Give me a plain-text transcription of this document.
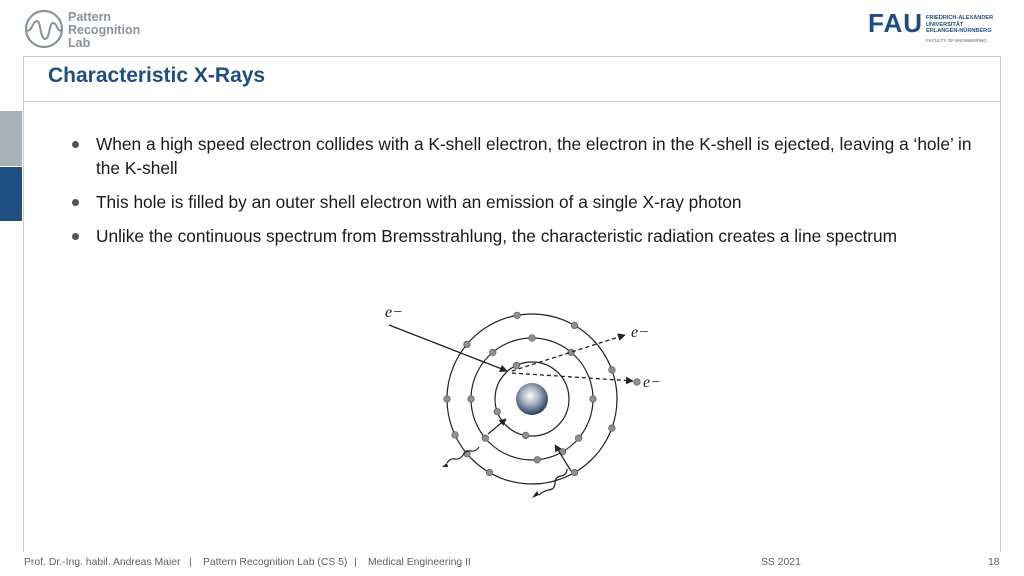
Pattern
Recognition
Lab
FAU FRIEDRICH-ALEXANDER
UNIVERSITÄT
ERLANGEN-NÜRNBERG
FACULTY OF ENGINEERING
Characteristic X-Rays
When a high speed electron collides with a K-shell electron, the electron in the K-shell is ejected, leaving a ‘hole’ in the K-shell
This hole is filled by an outer shell electron with an emission of a single X-ray photon
Unlike the continuous spectrum from Bremsstrahlung, the characteristic radiation creates a line spectrum
e−
e−
e−
Prof. Dr.-Ing. habil. Andreas Maier | Pattern Recognition Lab (CS 5) | Medical Engineering II	SS 2021	18
